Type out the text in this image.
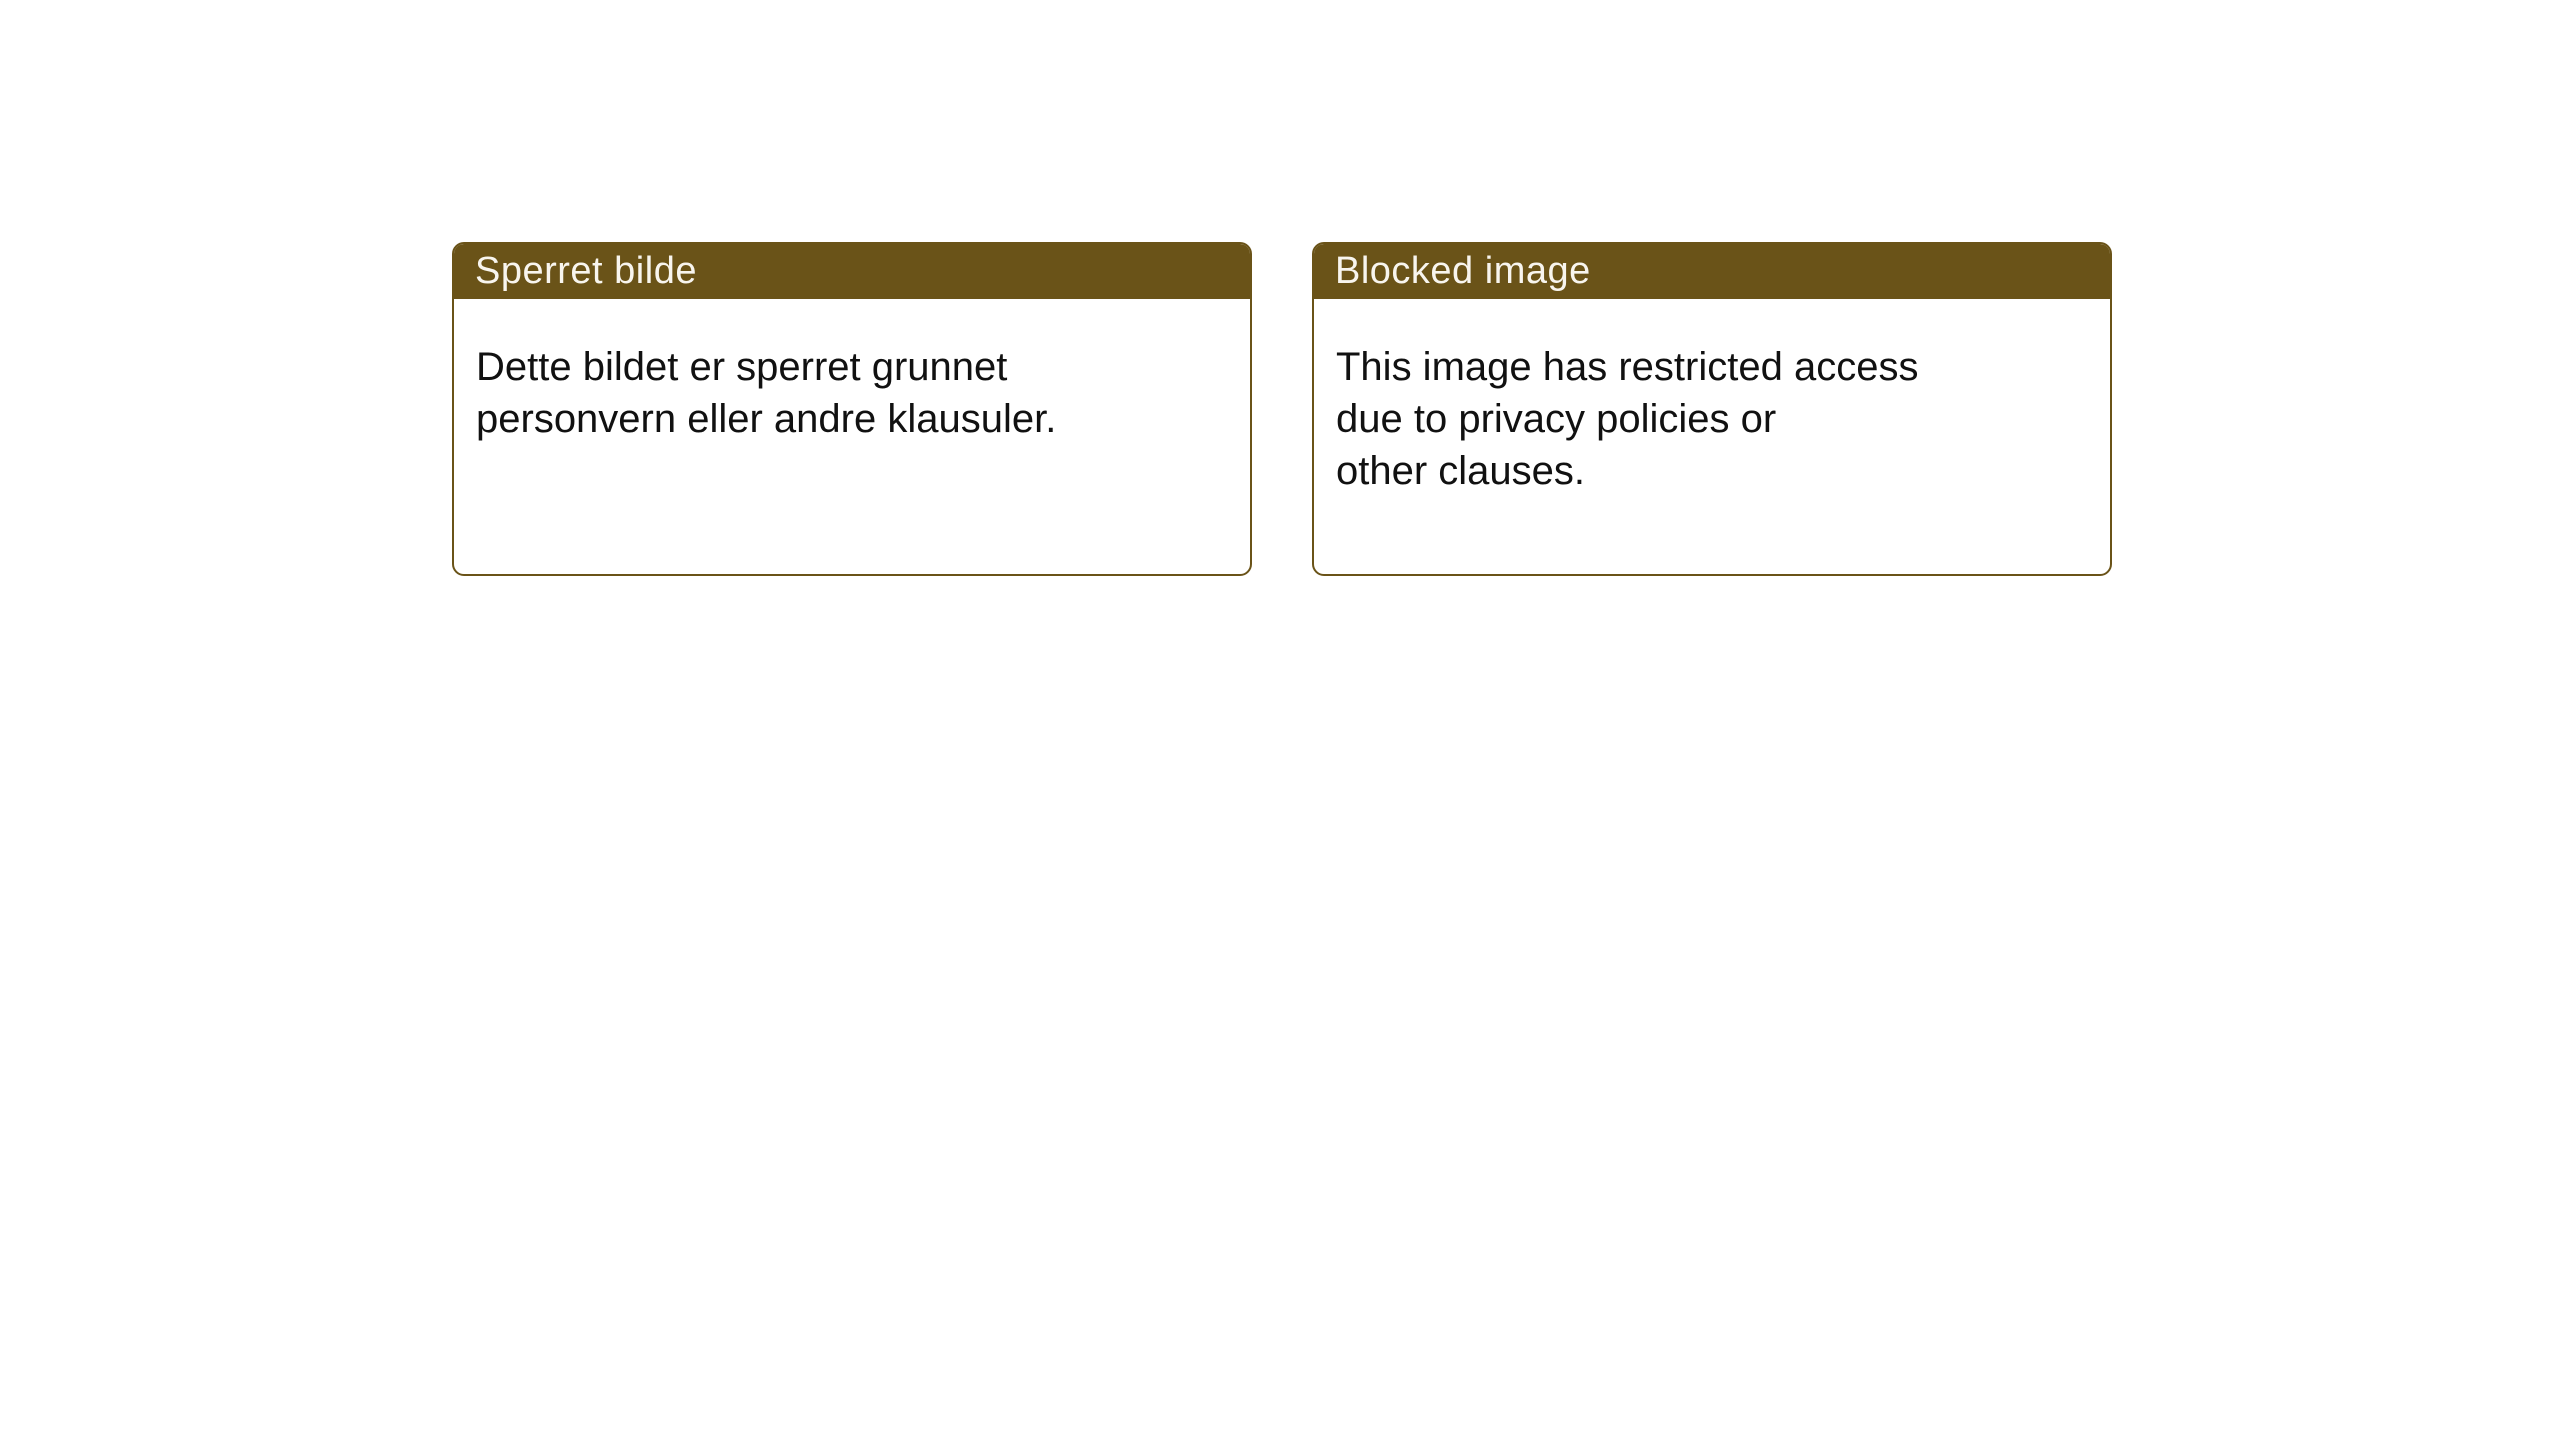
Sperret bilde

Dette bildet er sperret grunnet
personvern eller andre klausuler.

Blocked image

This image has restricted access
due to privacy policies or
other clauses.
